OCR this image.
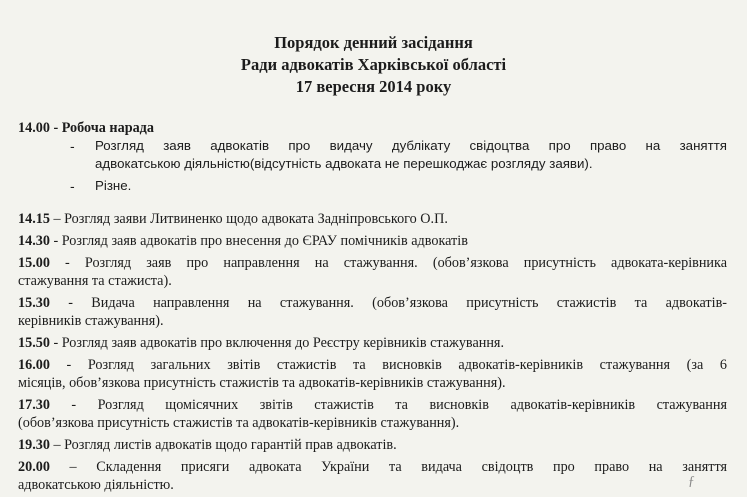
Порядок денний засідання
Ради адвокатів Харківської області
17 вересня 2014 року
14.00 - Робоча нарада
- Розгляд заяв адвокатів про видачу дублікату свідоцтва про право на заняття
адвокатською діяльністю(відсутність адвоката не перешкоджає розгляду заяви).
- Різне.
14.15 – Розгляд заяви Литвиненко щодо адвоката Задніпровського О.П.
14.30 - Розгляд заяв адвокатів про внесення до ЄРАУ помічників адвокатів
15.00 - Розгляд заяв про направлення на стажування. (обов’язкова присутність адвоката-керівника
стажування та стажиста).
15.30 - Видача направлення на стажування. (обов’язкова присутність стажистів та адвокатів-
керівників стажування).
15.50 - Розгляд заяв адвокатів про включення до Реєстру керівників стажування.
16.00 - Розгляд загальних звітів стажистів та висновків адвокатів-керівників стажування (за 6
місяців, обов’язкова присутність стажистів та адвокатів-керівників стажування).
17.30 - Розгляд щомісячних звітів стажистів та висновків адвокатів-керівників стажування
(обов’язкова присутність стажистів та адвокатів-керівників стажування).
19.30 – Розгляд листів адвокатів щодо гарантій прав адвокатів.
20.00 – Складення присяги адвоката України та видача свідоцтв про право на заняття
адвокатською діяльністю.	ƒ
